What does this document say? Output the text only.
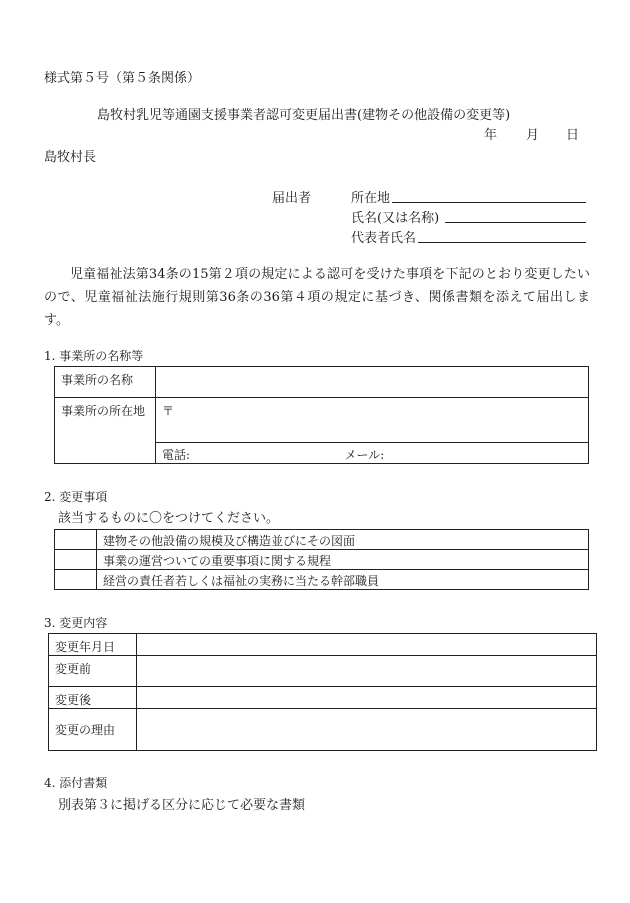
様式第５号（第５条関係）
島牧村乳児等通園支援事業者認可変更届出書(建物その他設備の変更等)
年 月 日
島牧村長
届出者	所在地
氏名(又は名称)
代表者氏名
児童福祉法第34条の15第２項の規定による認可を受けた事項を下記のとおり変更したいので、児童福祉法施行規則第36条の36第４項の規定に基づき、関係書類を添えて届出します。
1. 事業所の名称等
事業所の名称	
事業所の所在地	〒
	電話: メール:
2. 変更事項
該当するものに〇をつけてください。
	建物その他設備の規模及び構造並びにその図面
	事業の運営ついての重要事項に関する規程
	経営の責任者若しくは福祉の実務に当たる幹部職員
3. 変更内容
変更年月日	
変更前	
変更後	
変更の理由	
4. 添付書類
別表第３に掲げる区分に応じて必要な書類
